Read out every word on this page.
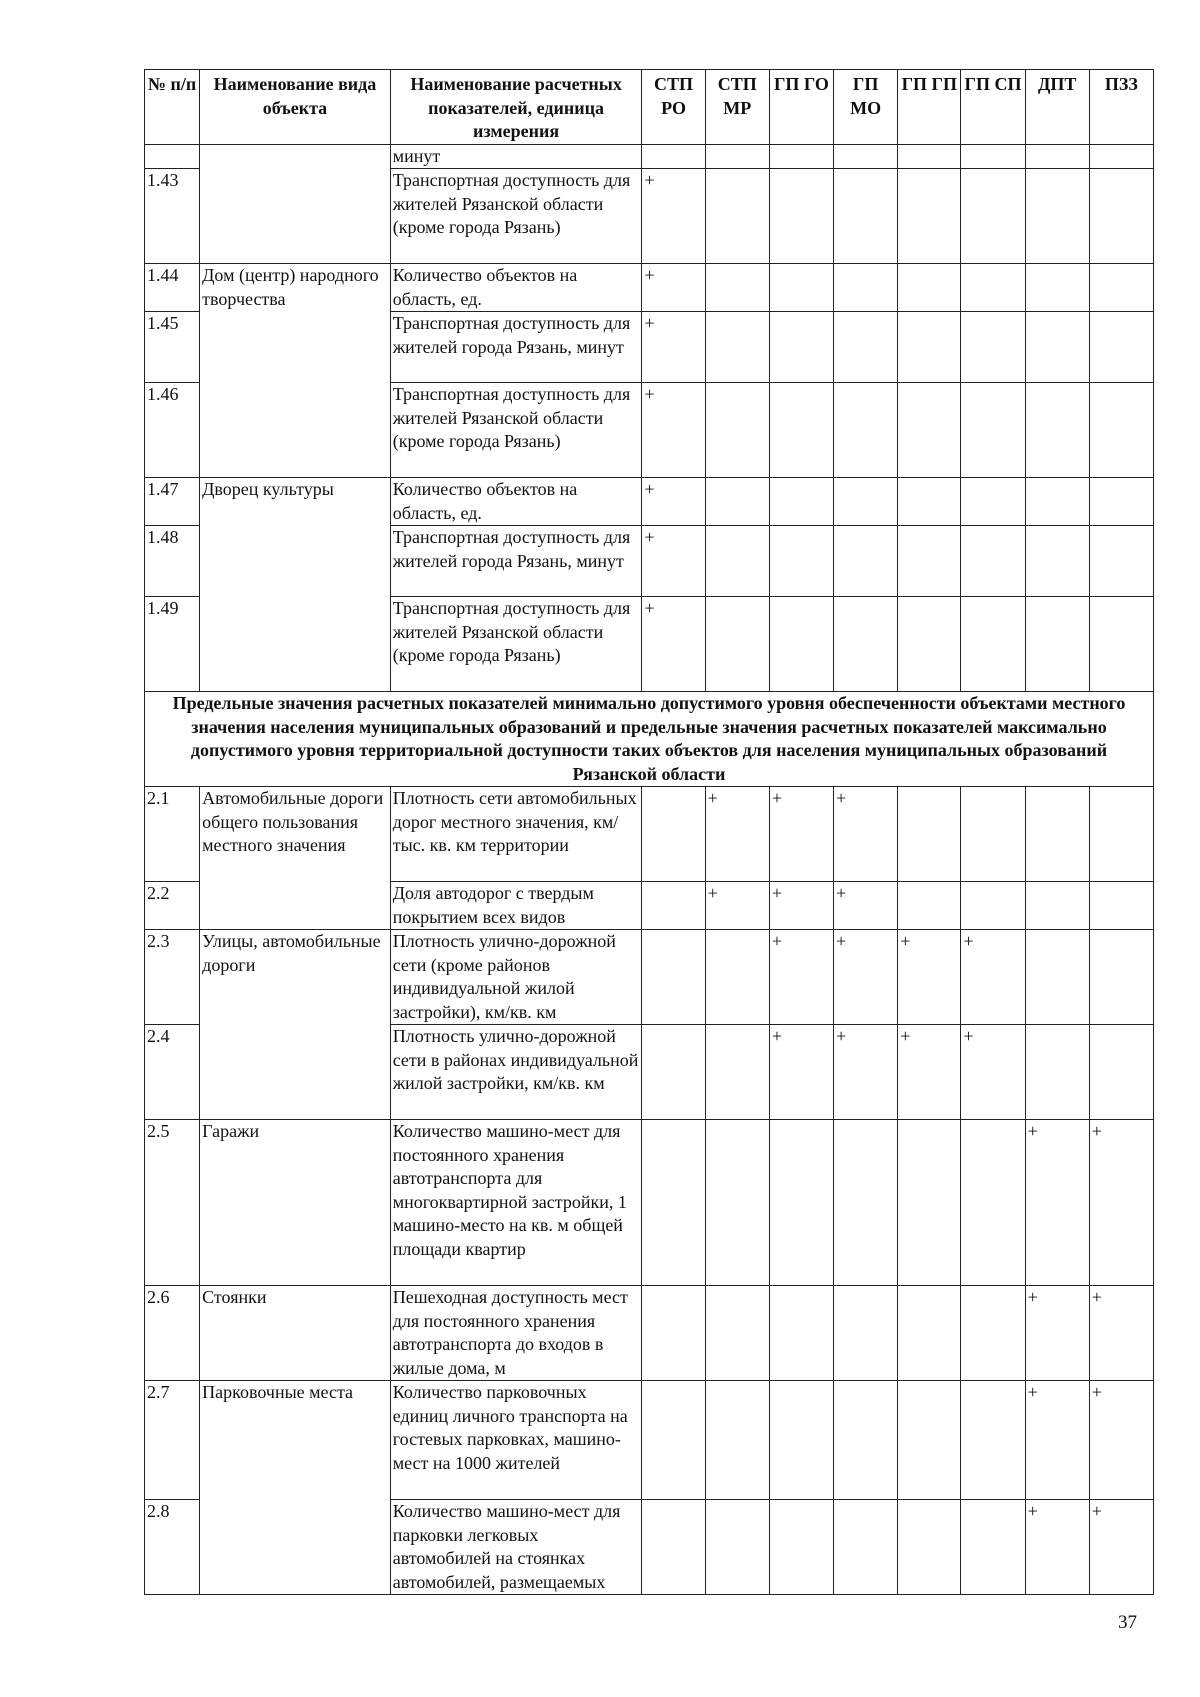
№ п/п	Наименование вида объекта	Наименование расчетных показателей, единица измерения	СТП РО	СТП МР	ГП ГО	ГП МО	ГП ГП	ГП СП	ДПТ	ПЗЗ
		минут								
1.43		Транспортная доступность для жителей Рязанской области (кроме города Рязань)	+							
1.44	Дом (центр) народного творчества	Количество объектов на область, ед.	+							
1.45		Транспортная доступность для жителей города Рязань, минут	+							
1.46		Транспортная доступность для жителей Рязанской области (кроме города Рязань)	+							
1.47	Дворец культуры	Количество объектов на область, ед.	+							
1.48		Транспортная доступность для жителей города Рязань, минут	+							
1.49		Транспортная доступность для жителей Рязанской области (кроме города Рязань)	+							
Предельные значения расчетных показателей минимально допустимого уровня обеспеченности объектами местного значения населения муниципальных образований и предельные значения расчетных показателей максимально допустимого уровня территориальной доступности таких объектов для населения муниципальных образований Рязанской области										
2.1	Автомобильные дороги общего пользования местного значения	Плотность сети автомобильных дорог местного значения, км/тыс. кв. км территории		+	+	+				
2.2		Доля автодорог с твердым покрытием всех видов		+	+	+				
2.3	Улицы, автомобильные дороги	Плотность улично-дорожной сети (кроме районов индивидуальной жилой застройки), км/кв. км			+	+	+	+		
2.4		Плотность улично-дорожной сети в районах индивидуальной жилой застройки, км/кв. км			+	+	+	+		
2.5	Гаражи	Количество машино-мест для постоянного хранения автотранспорта для многоквартирной застройки, 1 машино-место на кв. м общей площади квартир							+	+
2.6	Стоянки	Пешеходная доступность мест для постоянного хранения автотранспорта до входов в жилые дома, м							+	+
2.7	Парковочные места	Количество парковочных единиц личного транспорта на гостевых парковках, машино-мест на 1000 жителей							+	+
2.8		Количество машино-мест для парковки легковых автомобилей на стоянках автомобилей, размещаемых							+	+
37
